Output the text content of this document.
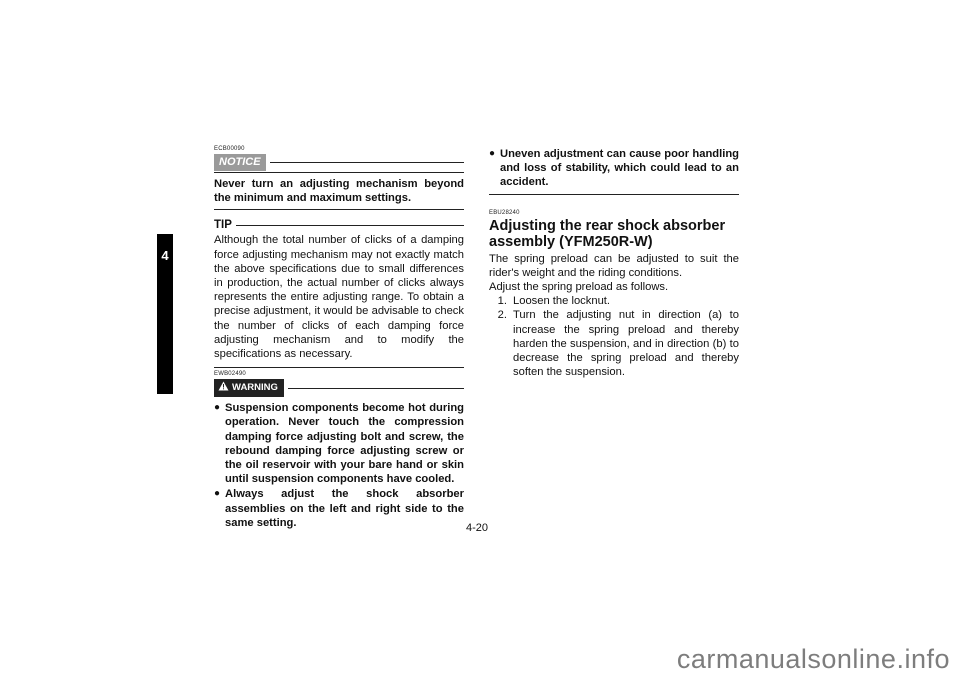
4
ECB00090
NOTICE
Never turn an adjusting mechanism beyond the minimum and maximum settings.
TIP
Although the total number of clicks of a damping force adjusting mechanism may not exactly match the above specifications due to small differences in production, the actual number of clicks always represents the entire adjusting range. To obtain a precise adjustment, it would be advisable to check the number of clicks of each damping force adjusting mechanism and to modify the specifications as necessary.
EWB02490
WARNING
● Suspension components become hot during operation. Never touch the compression damping force adjusting bolt and screw, the rebound damping force adjusting screw or the oil reservoir with your bare hand or skin until suspension components have cooled.
● Always adjust the shock absorber assemblies on the left and right side to the same setting.
● Uneven adjustment can cause poor handling and loss of stability, which could lead to an accident.
EBU28240
Adjusting the rear shock absorber assembly (YFM250R-W)
The spring preload can be adjusted to suit the rider's weight and the riding conditions.
Adjust the spring preload as follows.
1. Loosen the locknut.
2. Turn the adjusting nut in direction (a) to increase the spring preload and thereby harden the suspension, and in direction (b) to decrease the spring preload and thereby soften the suspension.
4-20
carmanualsonline.info
